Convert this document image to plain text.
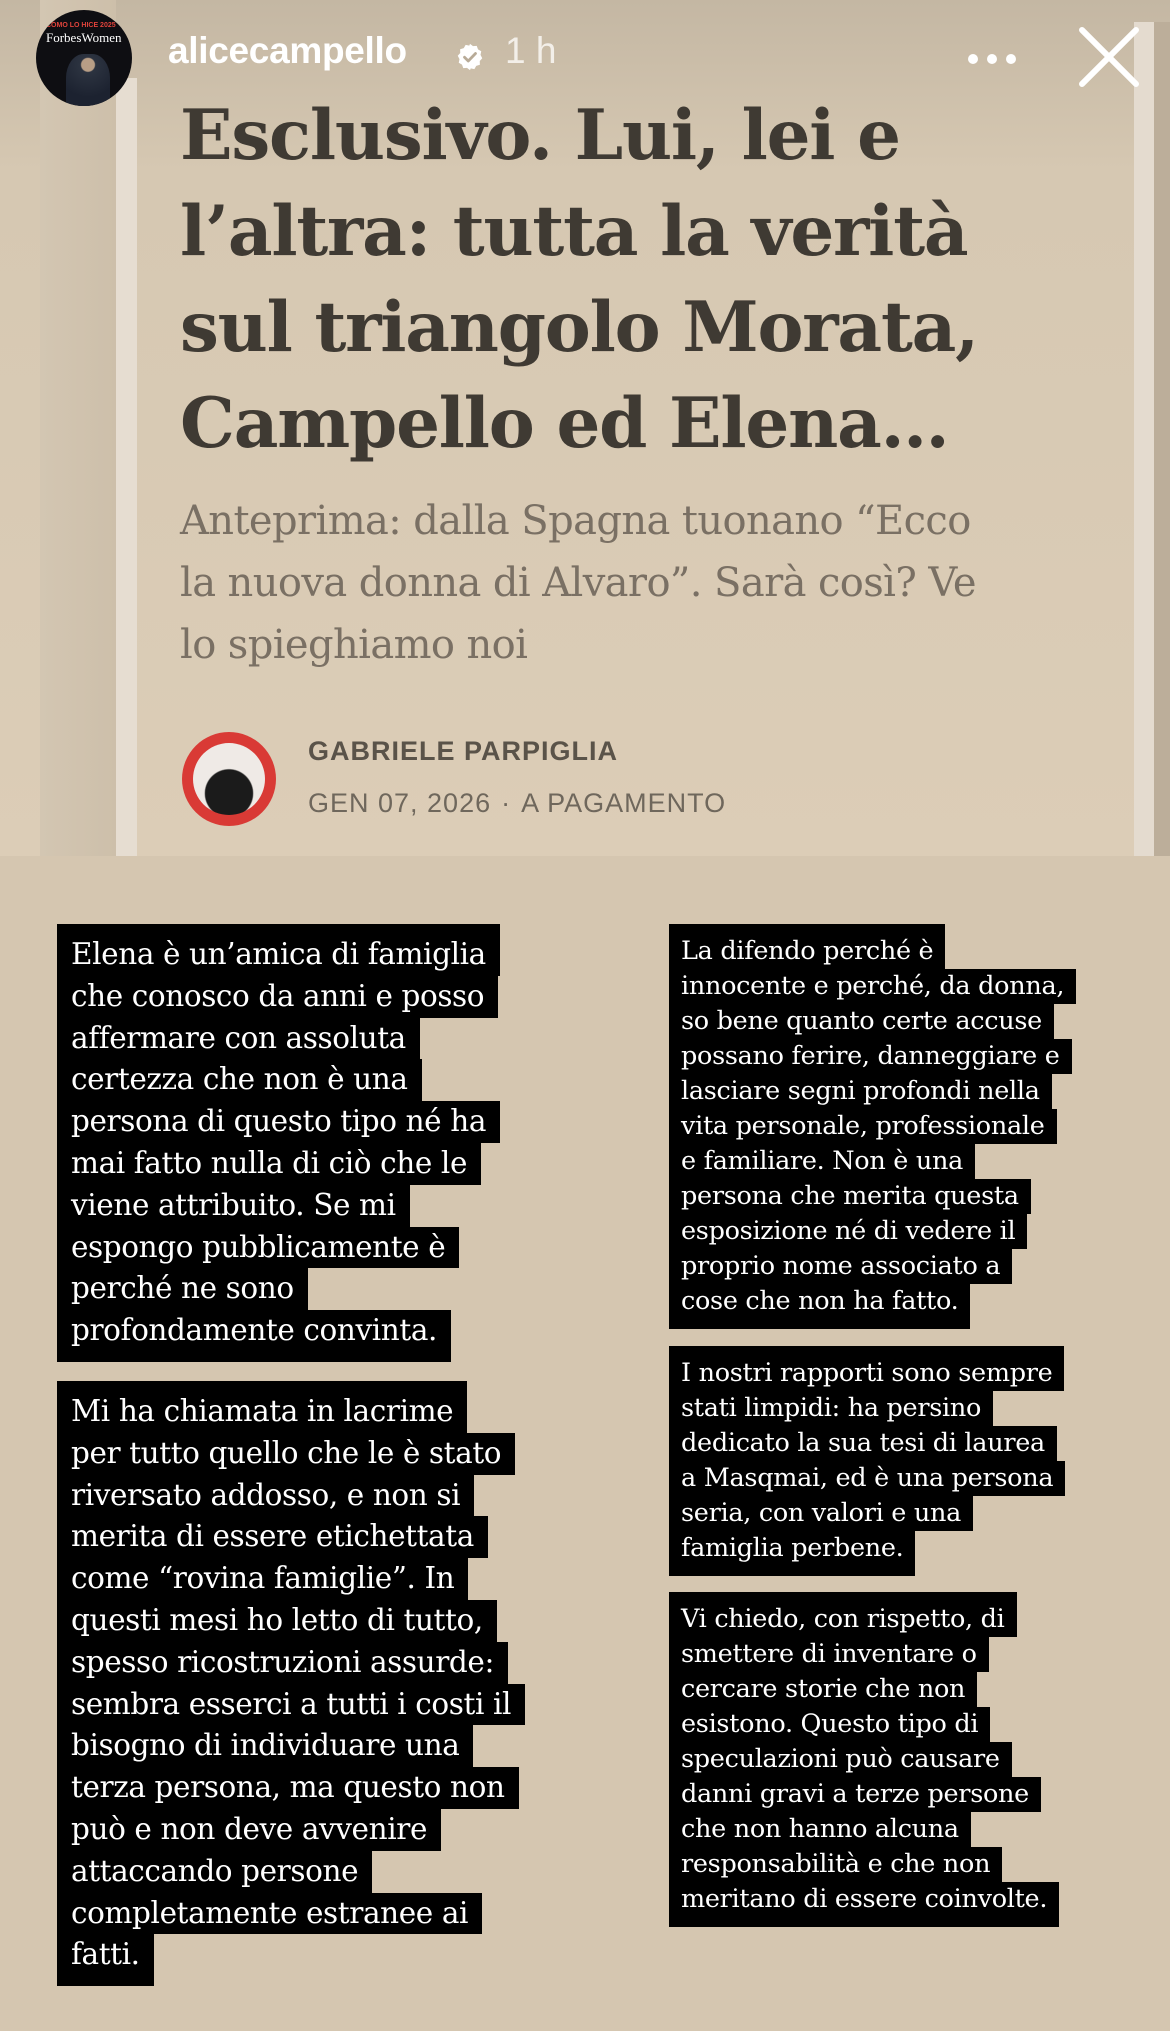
Esclusivo. Lui, lei e
l’altra: tutta la verità
sul triangolo Morata,
Campello ed Elena…
Anteprima: dalla Spagna tuonano “Ecco
la nuova donna di Alvaro”. Sarà così? Ve
lo spieghiamo noi
GABRIELE PARPIGLIA
GEN 07, 2026 · A PAGAMENTO
CÓMO LO HICE 2025
ForbesWomen alicecampello	1 h
Elena è un’amica di famiglia
che conosco da anni e posso
affermare con assoluta
certezza che non è una
persona di questo tipo né ha
mai fatto nulla di ciò che le
viene attribuito. Se mi
espongo pubblicamente è
perché ne sono
profondamente convinta.
Mi ha chiamata in lacrime
per tutto quello che le è stato
riversato addosso, e non si
merita di essere etichettata
come “rovina famiglie”. In
questi mesi ho letto di tutto,
spesso ricostruzioni assurde:
sembra esserci a tutti i costi il
bisogno di individuare una
terza persona, ma questo non
può e non deve avvenire
attaccando persone
completamente estranee ai
fatti.
La difendo perché è
innocente e perché, da donna,
so bene quanto certe accuse
possano ferire, danneggiare e
lasciare segni profondi nella
vita personale, professionale
e familiare. Non è una
persona che merita questa
esposizione né di vedere il
proprio nome associato a
cose che non ha fatto.
I nostri rapporti sono sempre
stati limpidi: ha persino
dedicato la sua tesi di laurea
a Masqmai, ed è una persona
seria, con valori e una
famiglia perbene.
Vi chiedo, con rispetto, di
smettere di inventare o
cercare storie che non
esistono. Questo tipo di
speculazioni può causare
danni gravi a terze persone
che non hanno alcuna
responsabilità e che non
meritano di essere coinvolte.
